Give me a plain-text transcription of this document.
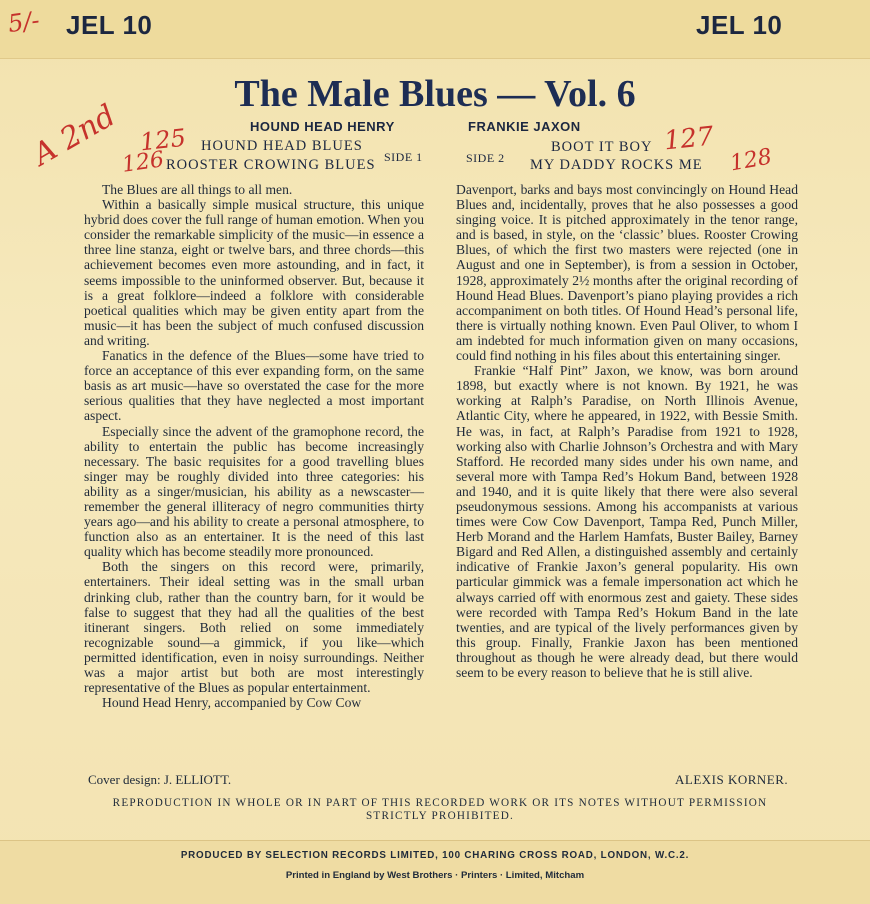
5/- JEL 10	JEL 10
The Male Blues — Vol. 6
A 2nd	HOUND HEAD HENRY	FRANKIE JAXON
125
126
HOUND HEAD BLUES
ROOSTER CROWING BLUES SIDE 1	SIDE 2
BOOT IT BOY
MY DADDY ROCKS ME
127
128

The Blues are all things to all men.

Within a basically simple musical structure, this unique hybrid does cover the full range of human emotion. When you consider the remarkable simplicity of the music—in essence a three line stanza, eight or twelve bars, and three chords—this achievement becomes even more astounding, and in fact, it seems impossible to the uninformed observer. But, because it is a great folklore—indeed a folklore with considerable poetical qualities which may be given entity apart from the music—it has been the subject of much confused discussion and writing.

Fanatics in the defence of the Blues—some have tried to force an acceptance of this ever expanding form, on the same basis as art music—have so overstated the case for the more serious qualities that they have neglected a most important aspect.

Especially since the advent of the gramophone record, the ability to entertain the public has become increasingly necessary. The basic requisites for a good travelling blues singer may be roughly divided into three categories: his ability as a singer/musician, his ability as a newscaster—remember the general illiteracy of negro communities thirty years ago—and his ability to create a personal atmosphere, to function also as an entertainer. It is the need of this last quality which has become steadily more pronounced.

Both the singers on this record were, primarily, entertainers. Their ideal setting was in the small urban drinking club, rather than the country barn, for it would be false to suggest that they had all the qualities of the best itinerant singers. Both relied on some immediately recognizable sound—a gimmick, if you like—which permitted identification, even in noisy surroundings. Neither was a major artist but both are most interestingly representative of the Blues as popular entertainment.

Hound Head Henry, accompanied by Cow Cow

Davenport, barks and bays most convincingly on Hound Head Blues and, incidentally, proves that he also possesses a good singing voice. It is pitched approximately in the tenor range, and is based, in style, on the ‘classic’ blues. Rooster Crowing Blues, of which the first two masters were rejected (one in August and one in September), is from a session in October, 1928, approximately 2½ months after the original recording of Hound Head Blues. Davenport’s piano playing provides a rich accompaniment on both titles. Of Hound Head’s personal life, there is virtually nothing known. Even Paul Oliver, to whom I am indebted for much information given on many occasions, could find nothing in his files about this entertaining singer.

Frankie “Half Pint” Jaxon, we know, was born around 1898, but exactly where is not known. By 1921, he was working at Ralph’s Paradise, on North Illinois Avenue, Atlantic City, where he appeared, in 1922, with Bessie Smith. He was, in fact, at Ralph’s Paradise from 1921 to 1928, working also with Charlie Johnson’s Orchestra and with Mary Stafford. He recorded many sides under his own name, and several more with Tampa Red’s Hokum Band, between 1928 and 1940, and it is quite likely that there were also several pseudonymous sessions. Among his accompanists at various times were Cow Cow Davenport, Tampa Red, Punch Miller, Herb Morand and the Harlem Hamfats, Buster Bailey, Barney Bigard and Red Allen, a distinguished assembly and certainly indicative of Frankie Jaxon’s general popularity. His own particular gimmick was a female impersonation act which he always carried off with enormous zest and gaiety. These sides were recorded with Tampa Red’s Hokum Band in the late twenties, and are typical of the lively performances given by this group. Finally, Frankie Jaxon has been mentioned throughout as though he were already dead, but there would seem to be every reason to believe that he is still alive.

Cover design: J. ELLIOTT.	ALEXIS KORNER.
REPRODUCTION IN WHOLE OR IN PART OF THIS RECORDED WORK OR ITS NOTES WITHOUT PERMISSION STRICTLY PROHIBITED.
PRODUCED BY SELECTION RECORDS LIMITED, 100 CHARING CROSS ROAD, LONDON, W.C.2.
Printed in England by West Brothers · Printers · Limited, Mitcham
